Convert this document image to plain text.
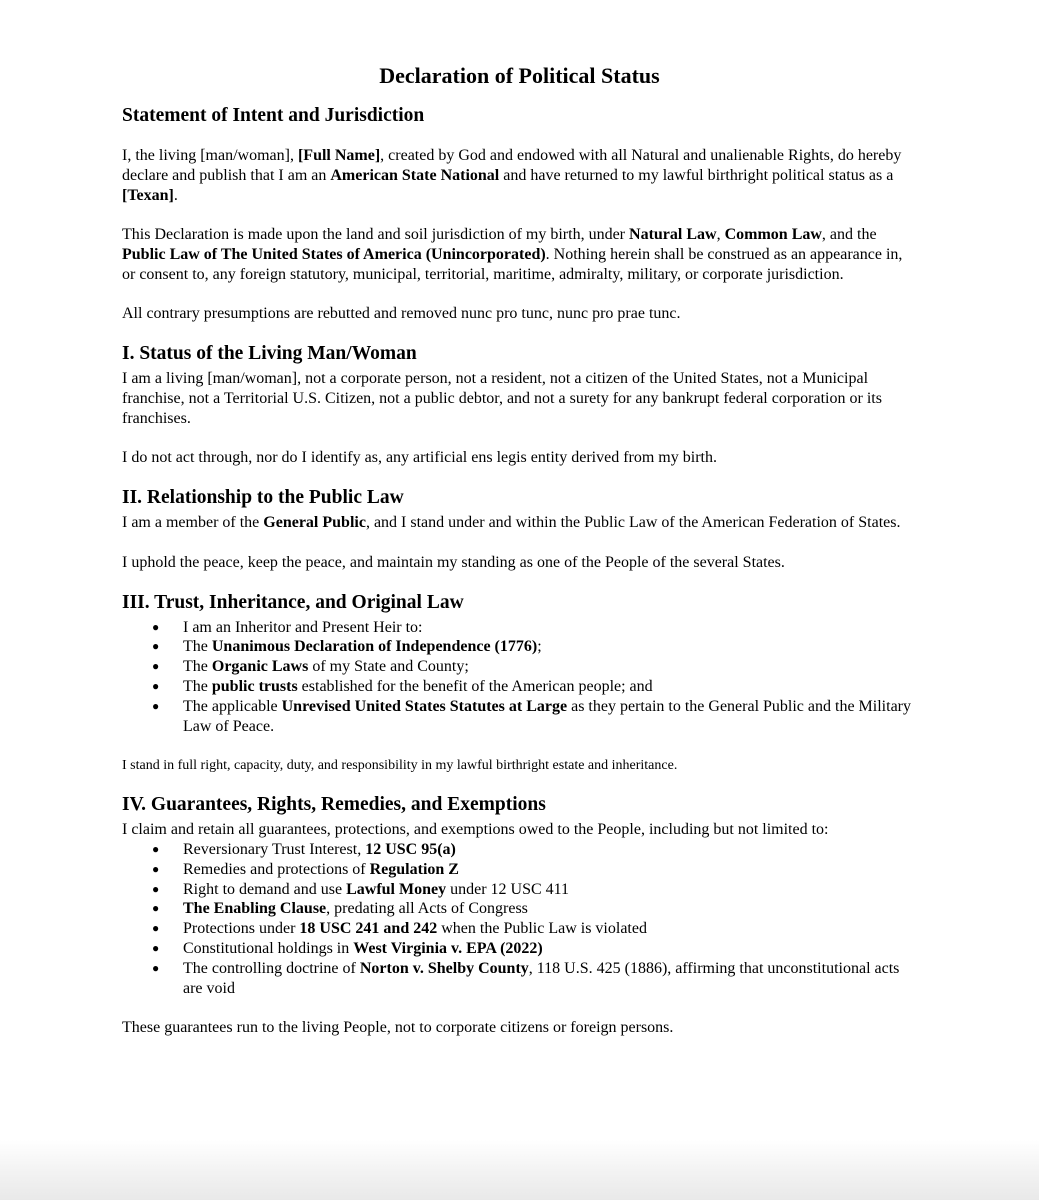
Declaration of Political Status
Statement of Intent and Jurisdiction

I, the living [man/woman], [Full Name], created by God and endowed with all Natural and unalienable Rights, do hereby declare and publish that I am an American State National and have returned to my lawful birthright political status as a [Texan].

This Declaration is made upon the land and soil jurisdiction of my birth, under Natural Law, Common Law, and the Public Law of The United States of America (Unincorporated). Nothing herein shall be construed as an appearance in, or consent to, any foreign statutory, municipal, territorial, maritime, admiralty, military, or corporate jurisdiction.

All contrary presumptions are rebutted and removed nunc pro tunc, nunc pro prae tunc.

I. Status of the Living Man/Woman

I am a living [man/woman], not a corporate person, not a resident, not a citizen of the United States, not a Municipal franchise, not a Territorial U.S. Citizen, not a public debtor, and not a surety for any bankrupt federal corporation or its franchises.

I do not act through, nor do I identify as, any artificial ens legis entity derived from my birth.

II. Relationship to the Public Law

I am a member of the General Public, and I stand under and within the Public Law of the American Federation of States.

I uphold the peace, keep the peace, and maintain my standing as one of the People of the several States.

III. Trust, Inheritance, and Original Law
● I am an Inheritor and Present Heir to:
● The Unanimous Declaration of Independence (1776);
● The Organic Laws of my State and County;
● The public trusts established for the benefit of the American people; and
● The applicable Unrevised United States Statutes at Large as they pertain to the General Public and the Military Law of Peace.

I stand in full right, capacity, duty, and responsibility in my lawful birthright estate and inheritance.

IV. Guarantees, Rights, Remedies, and Exemptions

I claim and retain all guarantees, protections, and exemptions owed to the People, including but not limited to:

● Reversionary Trust Interest, 12 USC 95(a)
● Remedies and protections of Regulation Z
● Right to demand and use Lawful Money under 12 USC 411
● The Enabling Clause, predating all Acts of Congress
● Protections under 18 USC 241 and 242 when the Public Law is violated
● Constitutional holdings in West Virginia v. EPA (2022)
● The controlling doctrine of Norton v. Shelby County, 118 U.S. 425 (1886), affirming that unconstitutional acts are void

These guarantees run to the living People, not to corporate citizens or foreign persons.
